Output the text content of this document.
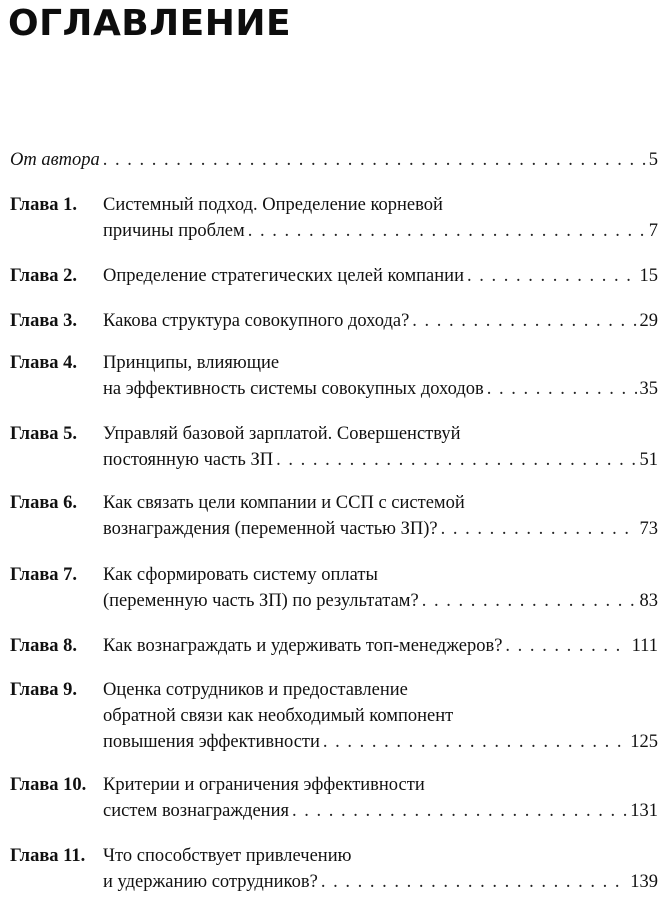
ОГЛАВЛЕНИЕ
От автора . . .	5
Глава 1. Системный подход. Определение корневой
причины проблем . . .	7
Глава 2. Определение стратегических целей компании . . .	15
Глава 3. Какова структура совокупного дохода? . . .	29
Глава 4. Принципы, влияющие
на эффективность системы совокупных доходов . . .	35
Глава 5. Управляй базовой зарплатой. Совершенствуй
постоянную часть ЗП . . .	51
Глава 6. Как связать цели компании и ССП с системой
вознаграждения (переменной частью ЗП)? . . .	73
Глава 7. Как сформировать систему оплаты
(переменную часть ЗП) по результатам? . . .	83
Глава 8. Как вознаграждать и удерживать топ-менеджеров? . . .	111
Глава 9. Оценка сотрудников и предоставление
обратной связи как необходимый компонент
повышения эффективности . . .	125
Глава 10. Критерии и ограничения эффективности
систем вознаграждения . . .	131
Глава 11. Что способствует привлечению
и удержанию сотрудников? . . .	139
